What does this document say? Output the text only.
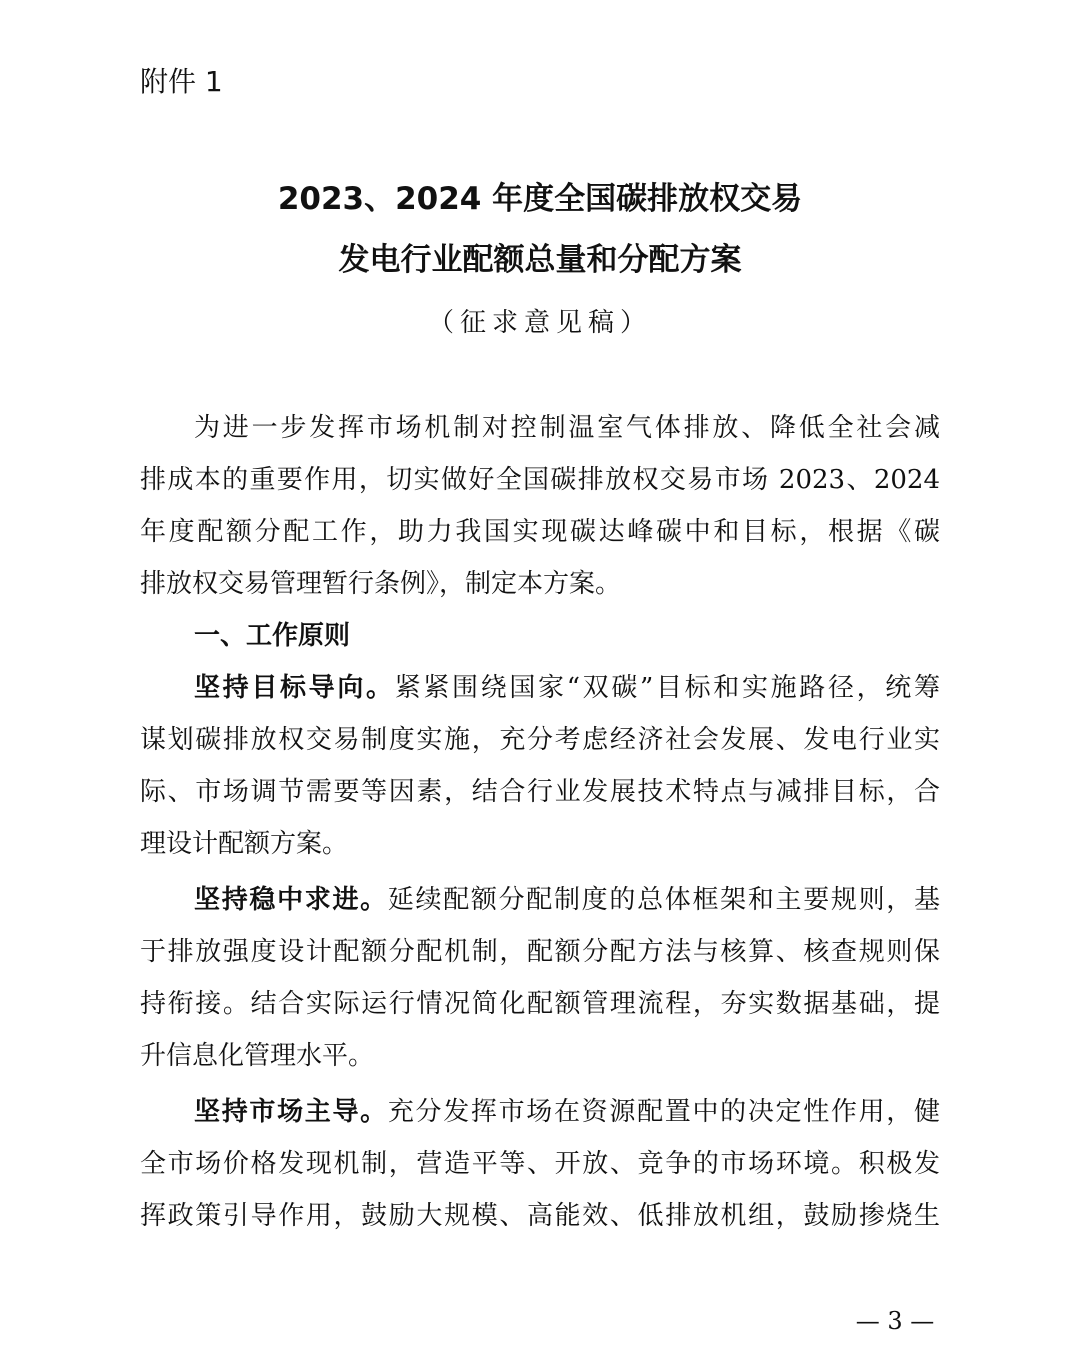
附件 1
2023、2024 年度全国碳排放权交易
发电行业配额总量和分配方案
（征求意见稿）
为进一步发挥市场机制对控制温室气体排放、降低全社会减
排成本的重要作用，切实做好全国碳排放权交易市场 2023、2024
年度配额分配工作，助力我国实现碳达峰碳中和目标，根据《碳
排放权交易管理暂行条例》，制定本方案。
一、工作原则
坚持目标导向。紧紧围绕国家“双碳”目标和实施路径，统筹
谋划碳排放权交易制度实施，充分考虑经济社会发展、发电行业实
际、市场调节需要等因素，结合行业发展技术特点与减排目标，合
理设计配额方案。
坚持稳中求进。延续配额分配制度的总体框架和主要规则，基
于排放强度设计配额分配机制，配额分配方法与核算、核查规则保
持衔接。结合实际运行情况简化配额管理流程，夯实数据基础，提
升信息化管理水平。
坚持市场主导。充分发挥市场在资源配置中的决定性作用，健
全市场价格发现机制，营造平等、开放、竞争的市场环境。积极发
挥政策引导作用，鼓励大规模、高能效、低排放机组，鼓励掺烧生
— 3 —
